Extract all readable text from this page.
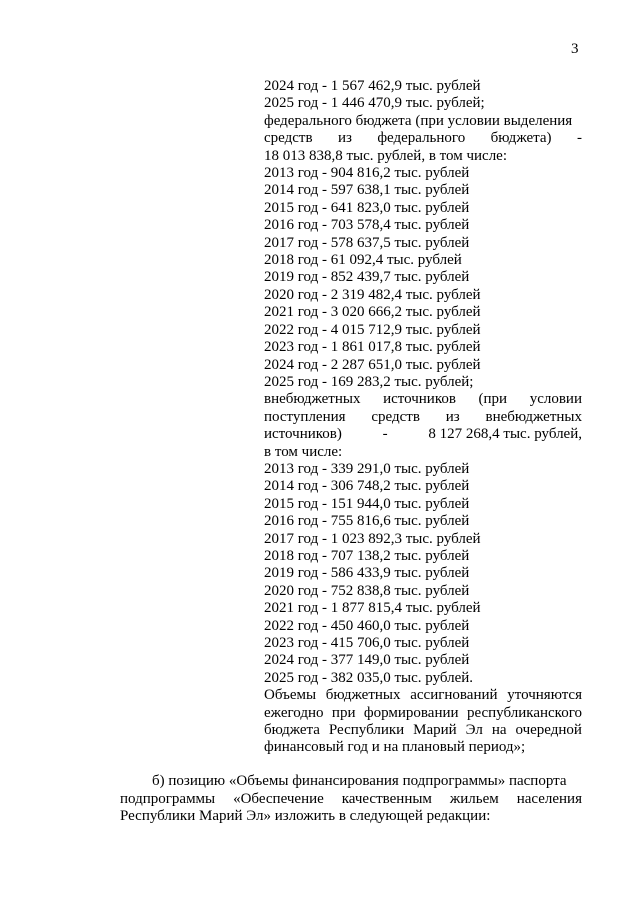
3
2024 год - 1 567 462,9 тыс. рублей
2025 год - 1 446 470,9 тыс. рублей;
федерального бюджета (при условии выделения
средств из федерального бюджета) -
18 013 838,8 тыс. рублей, в том числе:
2013 год - 904 816,2 тыс. рублей
2014 год - 597 638,1 тыс. рублей
2015 год - 641 823,0 тыс. рублей
2016 год - 703 578,4 тыс. рублей
2017 год - 578 637,5 тыс. рублей
2018 год - 61 092,4 тыс. рублей
2019 год - 852 439,7 тыс. рублей
2020 год - 2 319 482,4 тыс. рублей
2021 год - 3 020 666,2 тыс. рублей
2022 год - 4 015 712,9 тыс. рублей
2023 год - 1 861 017,8 тыс. рублей
2024 год - 2 287 651,0 тыс. рублей
2025 год - 169 283,2 тыс. рублей;
внебюджетных источников (при условии
поступления средств из внебюджетных
источников)	-	8 127 268,4 тыс. рублей,
в том числе:
2013 год - 339 291,0 тыс. рублей
2014 год - 306 748,2 тыс. рублей
2015 год - 151 944,0 тыс. рублей
2016 год - 755 816,6 тыс. рублей
2017 год - 1 023 892,3 тыс. рублей
2018 год - 707 138,2 тыс. рублей
2019 год - 586 433,9 тыс. рублей
2020 год - 752 838,8 тыс. рублей
2021 год - 1 877 815,4 тыс. рублей
2022 год - 450 460,0 тыс. рублей
2023 год - 415 706,0 тыс. рублей
2024 год - 377 149,0 тыс. рублей
2025 год - 382 035,0 тыс. рублей.
Объемы бюджетных ассигнований уточняются
ежегодно при формировании республиканского
бюджета Республики Марий Эл на очередной
финансовый год и на плановый период»;
б) позицию «Объемы финансирования подпрограммы» паспорта
подпрограммы «Обеспечение качественным жильем населения
Республики Марий Эл» изложить в следующей редакции:
